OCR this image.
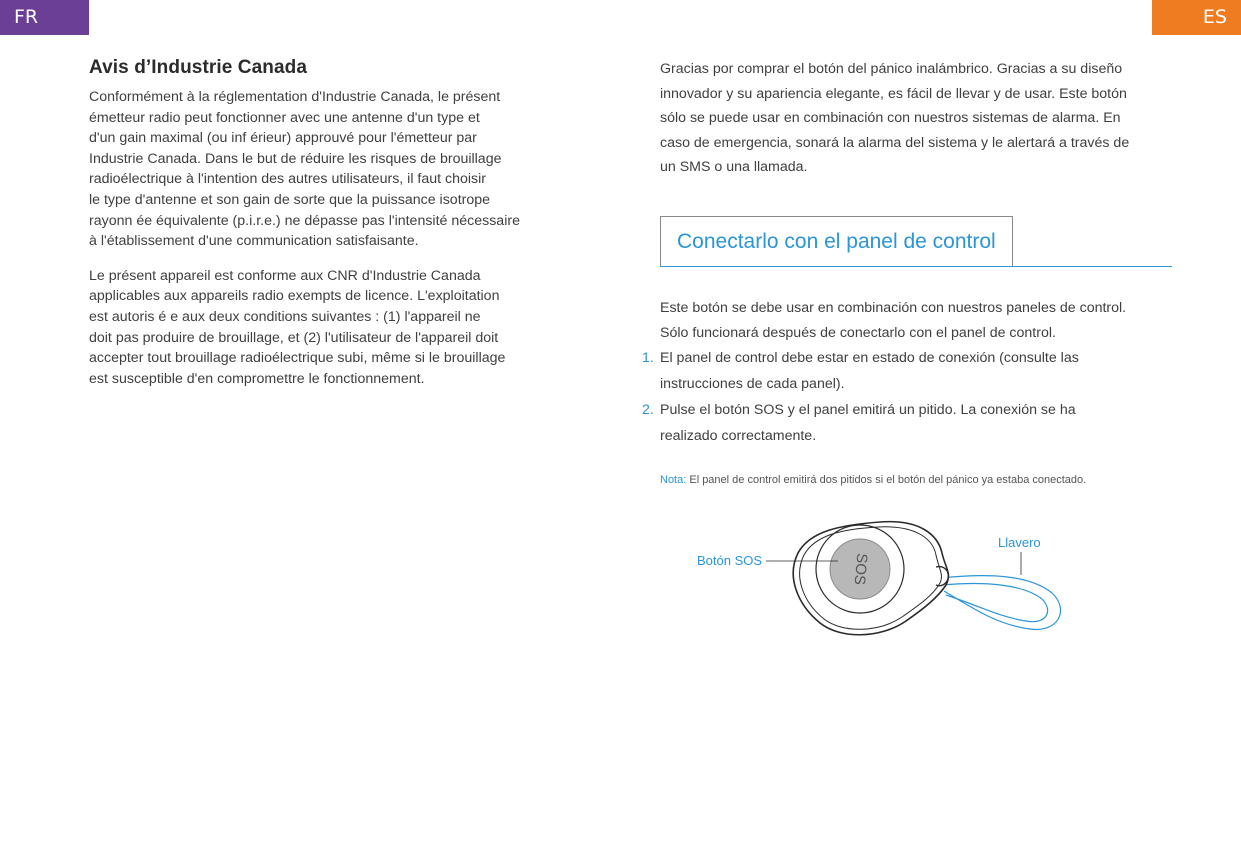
FR	ES
Avis d’Industrie Canada

Conformément à la réglementation d'Industrie Canada, le présent
émetteur radio peut fonctionner avec une antenne d'un type et
d'un gain maximal (ou inf érieur) approuvé pour l'émetteur par
Industrie Canada. Dans le but de réduire les risques de brouillage
radioélectrique à l'intention des autres utilisateurs, il faut choisir
le type d'antenne et son gain de sorte que la puissance isotrope
rayonn ée équivalente (p.i.r.e.) ne dépasse pas l'intensité nécessaire
à l'établissement d'une communication satisfaisante.

Le présent appareil est conforme aux CNR d'Industrie Canada
applicables aux appareils radio exempts de licence. L'exploitation
est autoris é e aux deux conditions suivantes : (1) l'appareil ne
doit pas produire de brouillage, et (2) l'utilisateur de l'appareil doit
accepter tout brouillage radioélectrique subi, même si le brouillage
est susceptible d'en compromettre le fonctionnement.

Gracias por comprar el botón del pánico inalámbrico. Gracias a su diseño
innovador y su apariencia elegante, es fácil de llevar y de usar. Este botón
sólo se puede usar en combinación con nuestros sistemas de alarma. En
caso de emergencia, sonará la alarma del sistema y le alertará a través de
un SMS o una llamada.

Conectarlo con el panel de control
Este botón se debe usar en combinación con nuestros paneles de control.
Sólo funcionará después de conectarlo con el panel de control.
1. El panel de control debe estar en estado de conexión (consulte las
instrucciones de cada panel).
2. Pulse el botón SOS y el panel emitirá un pitido. La conexión se ha
realizado correctamente.
Nota: El panel de control emitirá dos pitidos si el botón del pánico ya estaba conectado.
SOS
Botón SOS
Llavero
